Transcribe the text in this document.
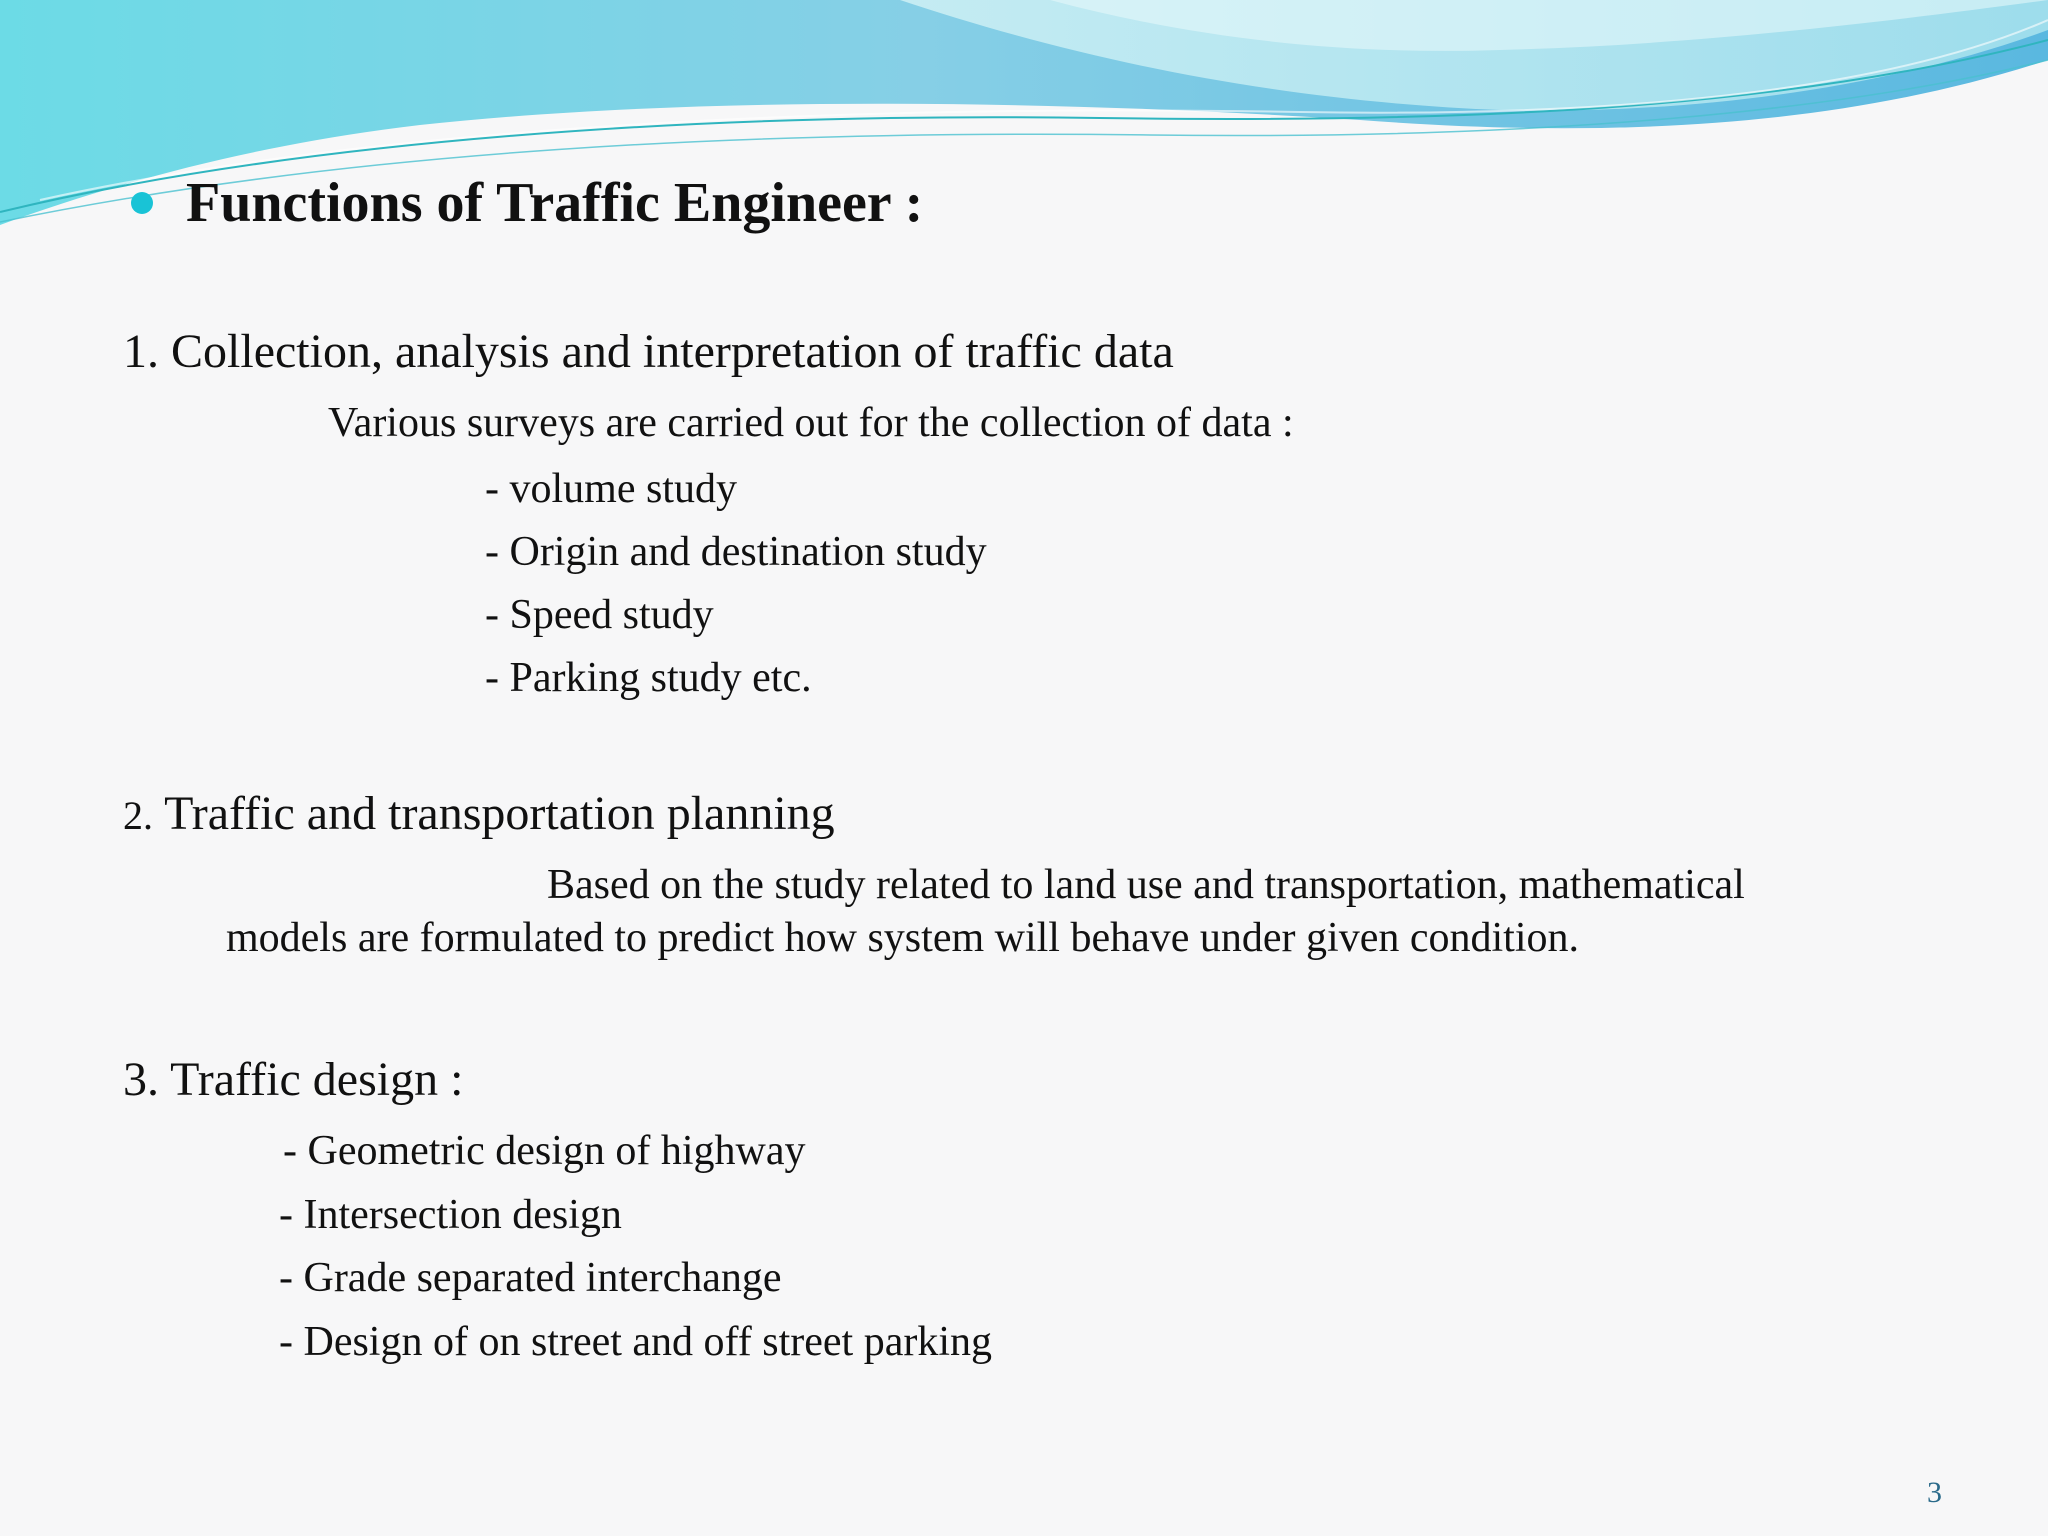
Functions of Traffic Engineer :
1. Collection, analysis and interpretation of traffic data
Various surveys are carried out for the collection of data :
- volume study
- Origin and destination study
- Speed study
- Parking study etc.
2. Traffic and transportation planning
Based on the study related to land use and transportation, mathematical
models are formulated to predict how system will behave under given condition.
3. Traffic design :
- Geometric design of highway
- Intersection design
- Grade separated interchange
- Design of on street and off street parking
3
